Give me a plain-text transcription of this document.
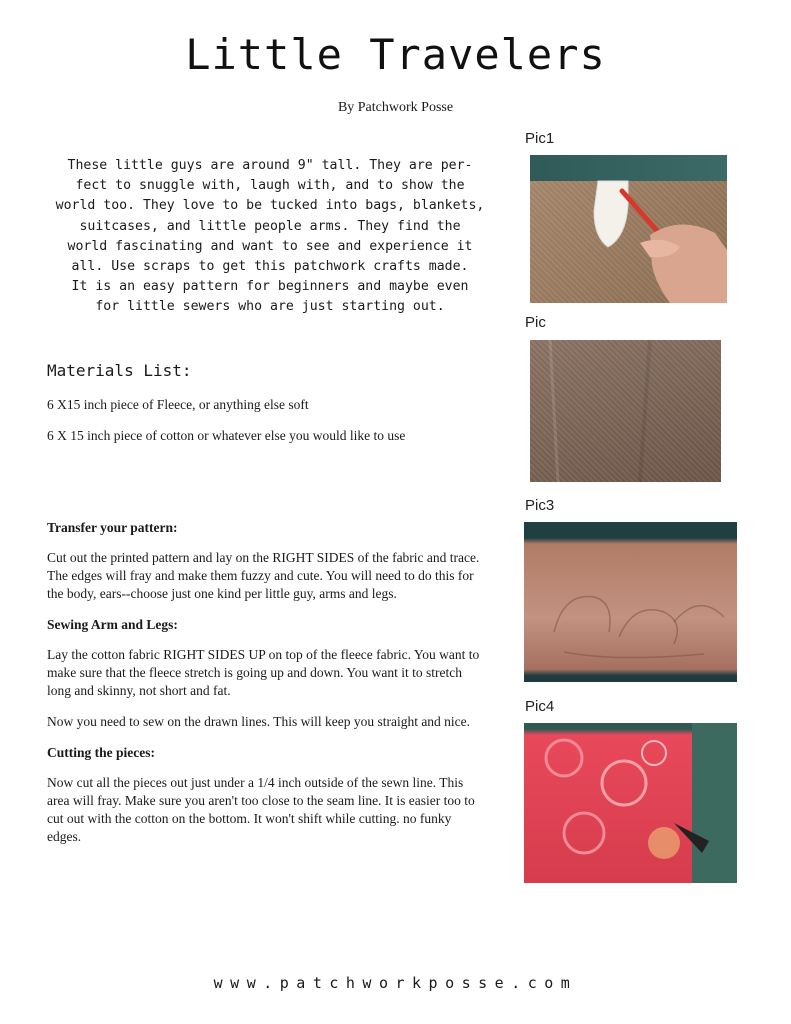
Little Travelers
By Patchwork Posse
These little guys are around 9" tall. They are per-
fect to snuggle with, laugh with, and to show the
world too. They love to be tucked into bags, blankets,
suitcases, and little people arms. They find the
world fascinating and want to see and experience it
all. Use scraps to get this patchwork crafts made.
It is an easy pattern for beginners and maybe even
for little sewers who are just starting out.
Materials List:
6 X15 inch piece of Fleece, or anything else soft
6 X 15 inch piece of cotton or whatever else you would like to use
Transfer your pattern:

Cut out the printed pattern and lay on the RIGHT SIDES of the fabric and trace. The edges will fray and make them fuzzy and cute. You will need to do this for the body, ears--choose just one kind per little guy, arms and legs.

Sewing Arm and Legs:

Lay the cotton fabric RIGHT SIDES UP on top of the fleece fabric. You want to make sure that the fleece stretch is going up and down. You want it to stretch long and skinny, not short and fat.

Now you need to sew on the drawn lines. This will keep you straight and nice.

Cutting the pieces:

Now cut all the pieces out just under a 1/4 inch outside of the sewn line. This area will fray. Make sure you aren't too close to the seam line. It is easier too to cut out with the cotton on the bottom. It won't shift while cutting. no funky edges.

Pic1
Pic
Pic3
Pic4
www.patchworkposse.com
